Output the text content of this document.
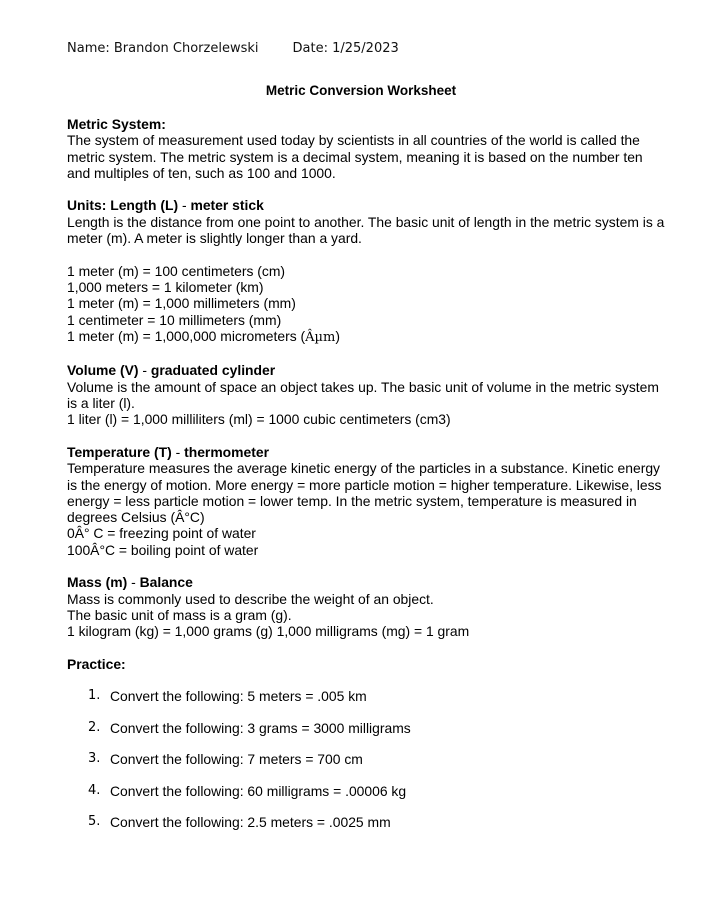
Name: Brandon Chorzelewski	Date: 1/25/2023
Metric Conversion Worksheet

Metric System:

The system of measurement used today by scientists in all countries of the world is called the metric system. The metric system is a decimal system, meaning it is based on the number ten and multiples of ten, such as 100 and 1000.

Units: Length (L) - meter stick

Length is the distance from one point to another. The basic unit of length in the metric system is a meter (m). A meter is slightly longer than a yard.

1 meter (m) = 100 centimeters (cm)

1,000 meters = 1 kilometer (km)

1 meter (m) = 1,000 millimeters (mm)

1 centimeter = 10 millimeters (mm)

1 meter (m) = 1,000,000 micrometers (Âµm)

Volume (V) - graduated cylinder

Volume is the amount of space an object takes up. The basic unit of volume in the metric system is a liter (l).

1 liter (l) = 1,000 milliliters (ml) = 1000 cubic centimeters (cm3)

Temperature (T) - thermometer

Temperature measures the average kinetic energy of the particles in a substance. Kinetic energy is the energy of motion. More energy = more particle motion = higher temperature. Likewise, less energy = less particle motion = lower temp. In the metric system, temperature is measured in degrees Celsius (Â°C)

0Â° C = freezing point of water

100Â°C = boiling point of water

Mass (m) - Balance

Mass is commonly used to describe the weight of an object.

The basic unit of mass is a gram (g).

1 kilogram (kg) = 1,000 grams (g) 1,000 milligrams (mg) = 1 gram

Practice:

1. Convert the following: 5 meters = .005 km
2. Convert the following: 3 grams = 3000 milligrams
3. Convert the following: 7 meters = 700 cm
4. Convert the following: 60 milligrams = .00006 kg
5. Convert the following: 2.5 meters = .0025 mm
